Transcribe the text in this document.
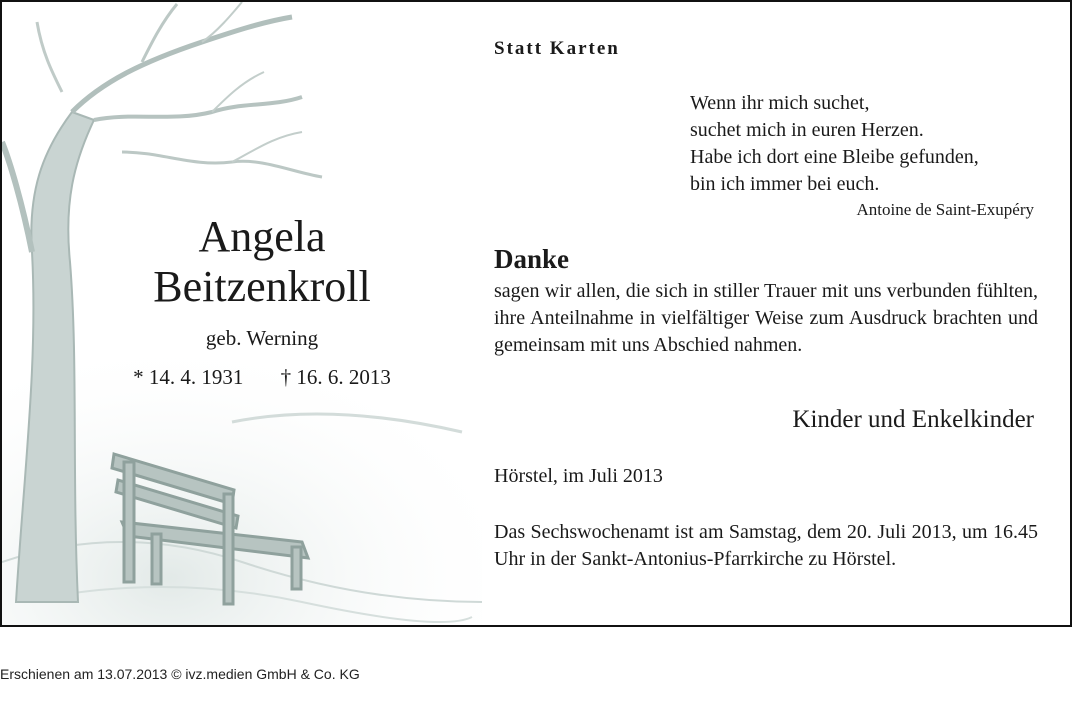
Angela
Beitzenkroll
geb. Werning
* 14. 4. 1931 † 16. 6. 2013
Statt Karten
Wenn ihr mich suchet,
suchet mich in euren Herzen.
Habe ich dort eine Bleibe gefunden,
bin ich immer bei euch.
Antoine de Saint-Exupéry
Danke
sagen wir allen, die sich in stiller Trauer mit uns verbunden fühlten, ihre Anteilnahme in vielfältiger Weise zum Ausdruck brachten und gemeinsam mit uns Abschied nahmen.
Kinder und Enkelkinder
Hörstel, im Juli 2013
Das Sechswochenamt ist am Samstag, dem 20. Juli 2013, um 16.45 Uhr in der Sankt-Antonius-Pfarrkirche zu Hörstel.
Erschienen am 13.07.2013 © ivz.medien GmbH & Co. KG
